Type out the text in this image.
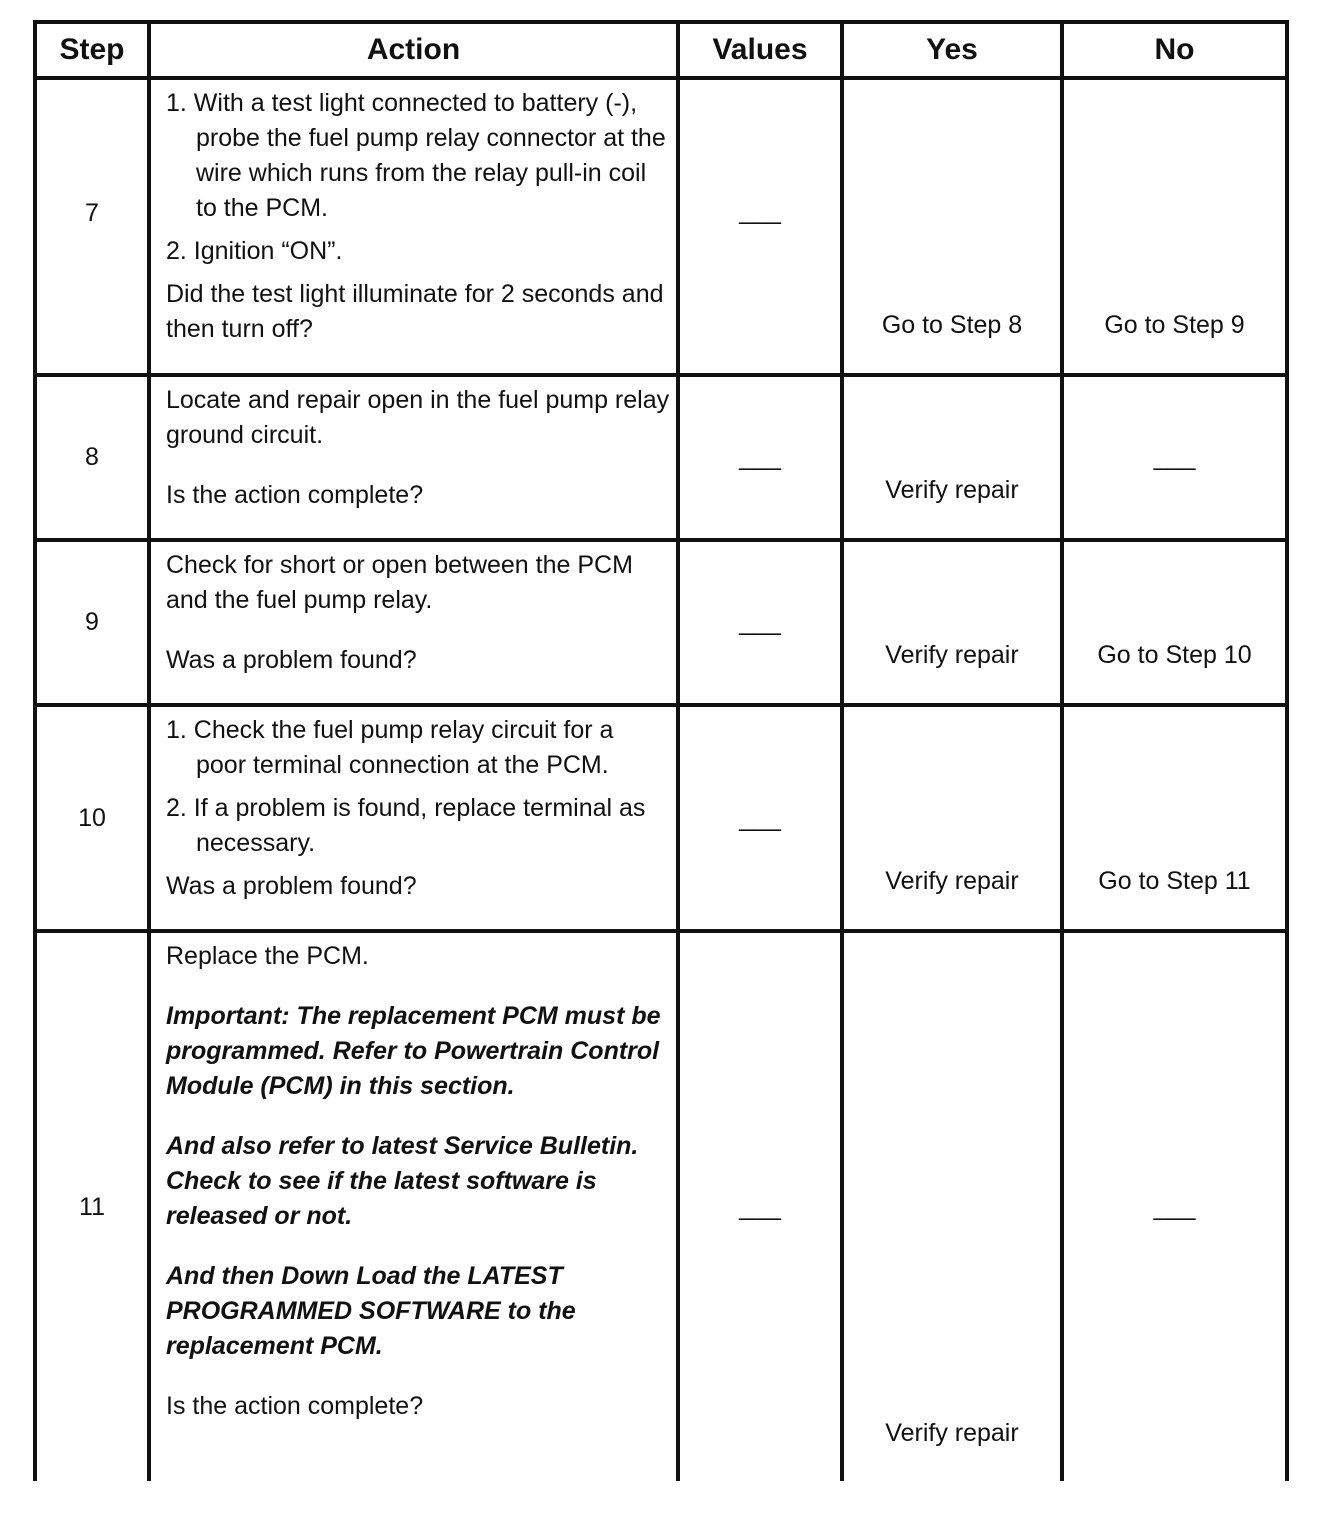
Step	Action	Values	Yes	No
7	1. With a test light connected to battery (-), probe the fuel pump relay connector at the wire which runs from the relay pull-in coil to the PCM.
2. Ignition “ON”.
Did the test light illuminate for 2 seconds and then turn off?	___	Go to Step 8	Go to Step 9
8	Locate and repair open in the fuel pump relay ground circuit.
Is the action complete?	___	Verify repair	___
9	Check for short or open between the PCM and the fuel pump relay.
Was a problem found?	___	Verify repair	Go to Step 10
10	1. Check the fuel pump relay circuit for a poor terminal connection at the PCM.
2. If a problem is found, replace terminal as necessary.
Was a problem found?	___	Verify repair	Go to Step 11
11	Replace the PCM.
Important: The replacement PCM must be programmed. Refer to Powertrain Control Module (PCM) in this section.
And also refer to latest Service Bulletin. Check to see if the latest software is released or not.
And then Down Load the LATEST PROGRAMMED SOFTWARE to the replacement PCM.
Is the action complete?	___	Verify repair	___
